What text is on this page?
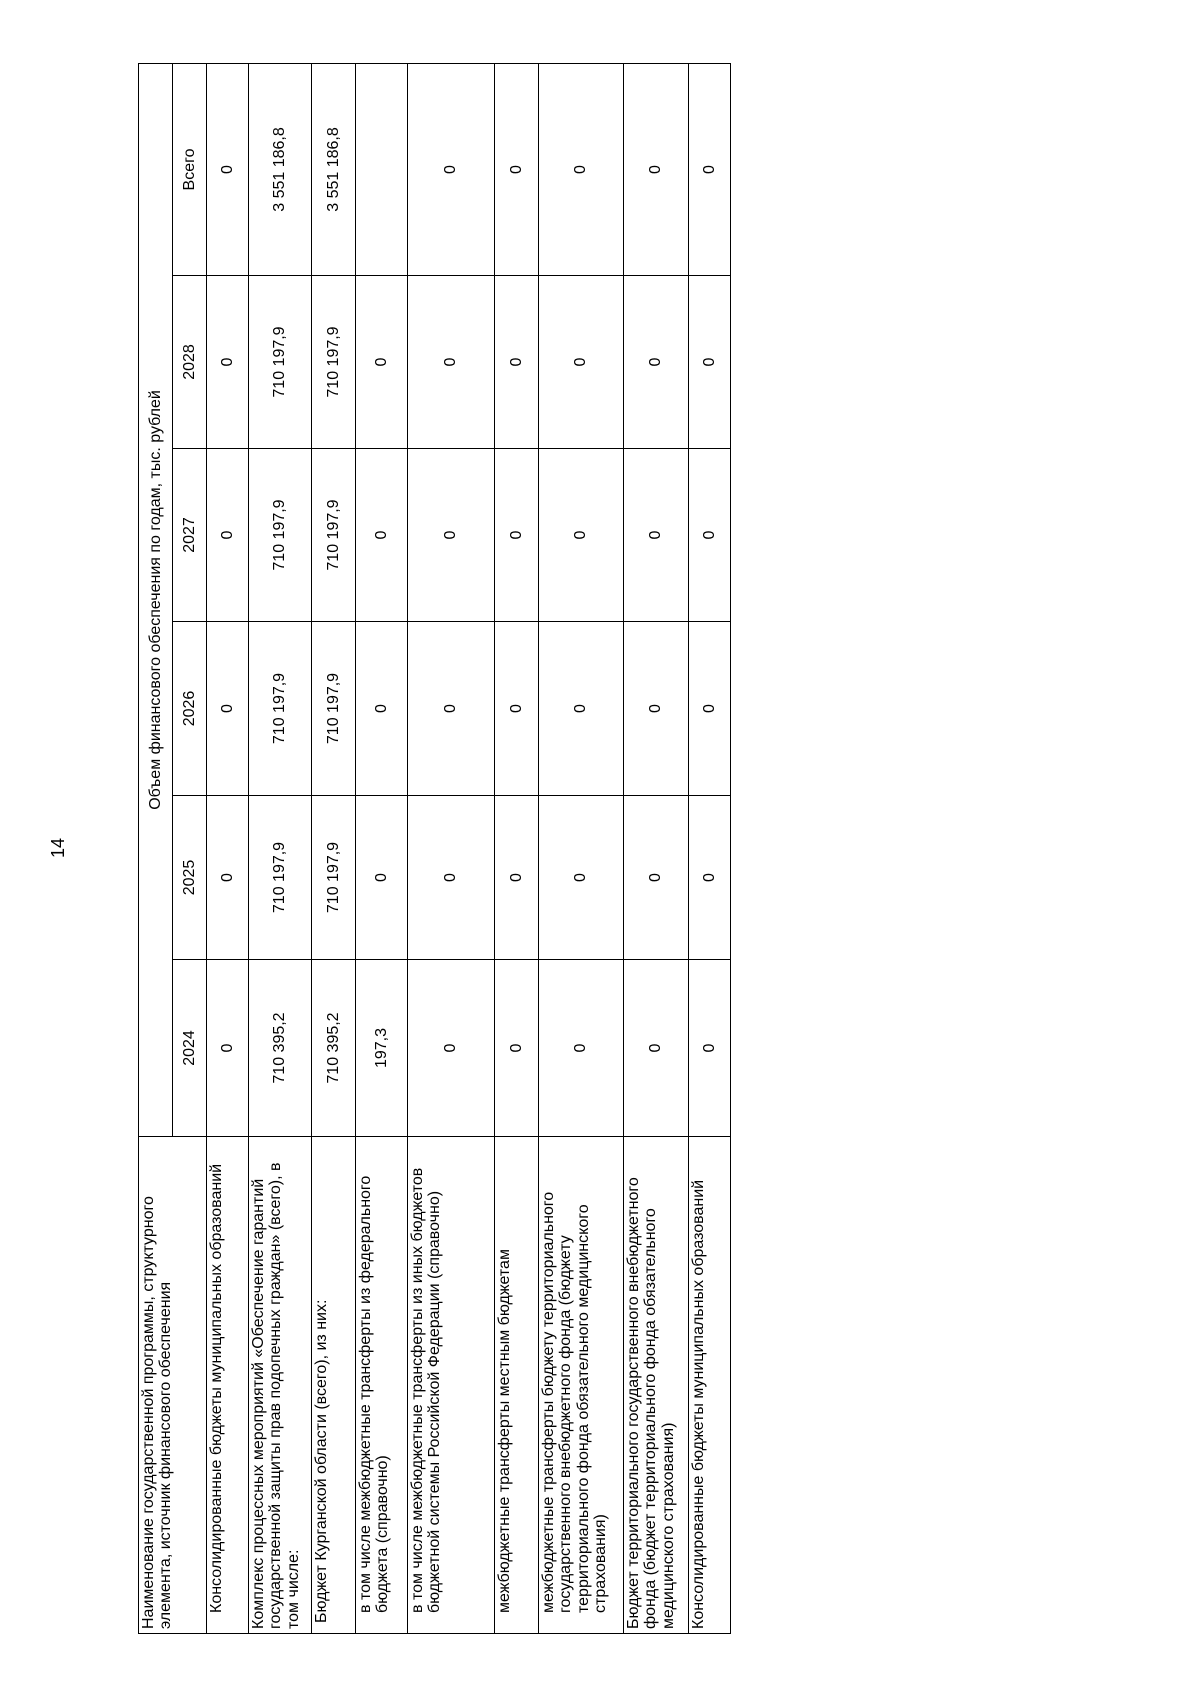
14
Наименование государственной программы, структурного элемента, источник финансового обеспечения	Объем финансового обеспечения по годам, тыс. рублей					
	2024	2025	2026	2027	2028	Всего
Консолидированные бюджеты муниципальных образований	0	0	0	0	0	0
Комплекс процессных мероприятий «Обеспечение гарантий государственной защиты прав подопечных граждан» (всего), в том числе:	710 395,2	710 197,9	710 197,9	710 197,9	710 197,9	3 551 186,8
Бюджет Курганской области (всего), из них:	710 395,2	710 197,9	710 197,9	710 197,9	710 197,9	3 551 186,8
в том числе межбюджетные трансферты из федерального бюджета (справочно)	197,3	0	0	0	0	
в том числе межбюджетные трансферты из иных бюджетов бюджетной системы Российской Федерации (справочно)	0	0	0	0	0	0
межбюджетные трансферты местным бюджетам	0	0	0	0	0	0
межбюджетные трансферты бюджету территориального государственного внебюджетного фонда (бюджету территориального фонда обязательного медицинского страхования)	0	0	0	0	0	0
Бюджет территориального государственного внебюджетного фонда (бюджет территориального фонда обязательного медицинского страхования)	0	0	0	0	0	0
Консолидированные бюджеты муниципальных образований	0	0	0	0	0	0
